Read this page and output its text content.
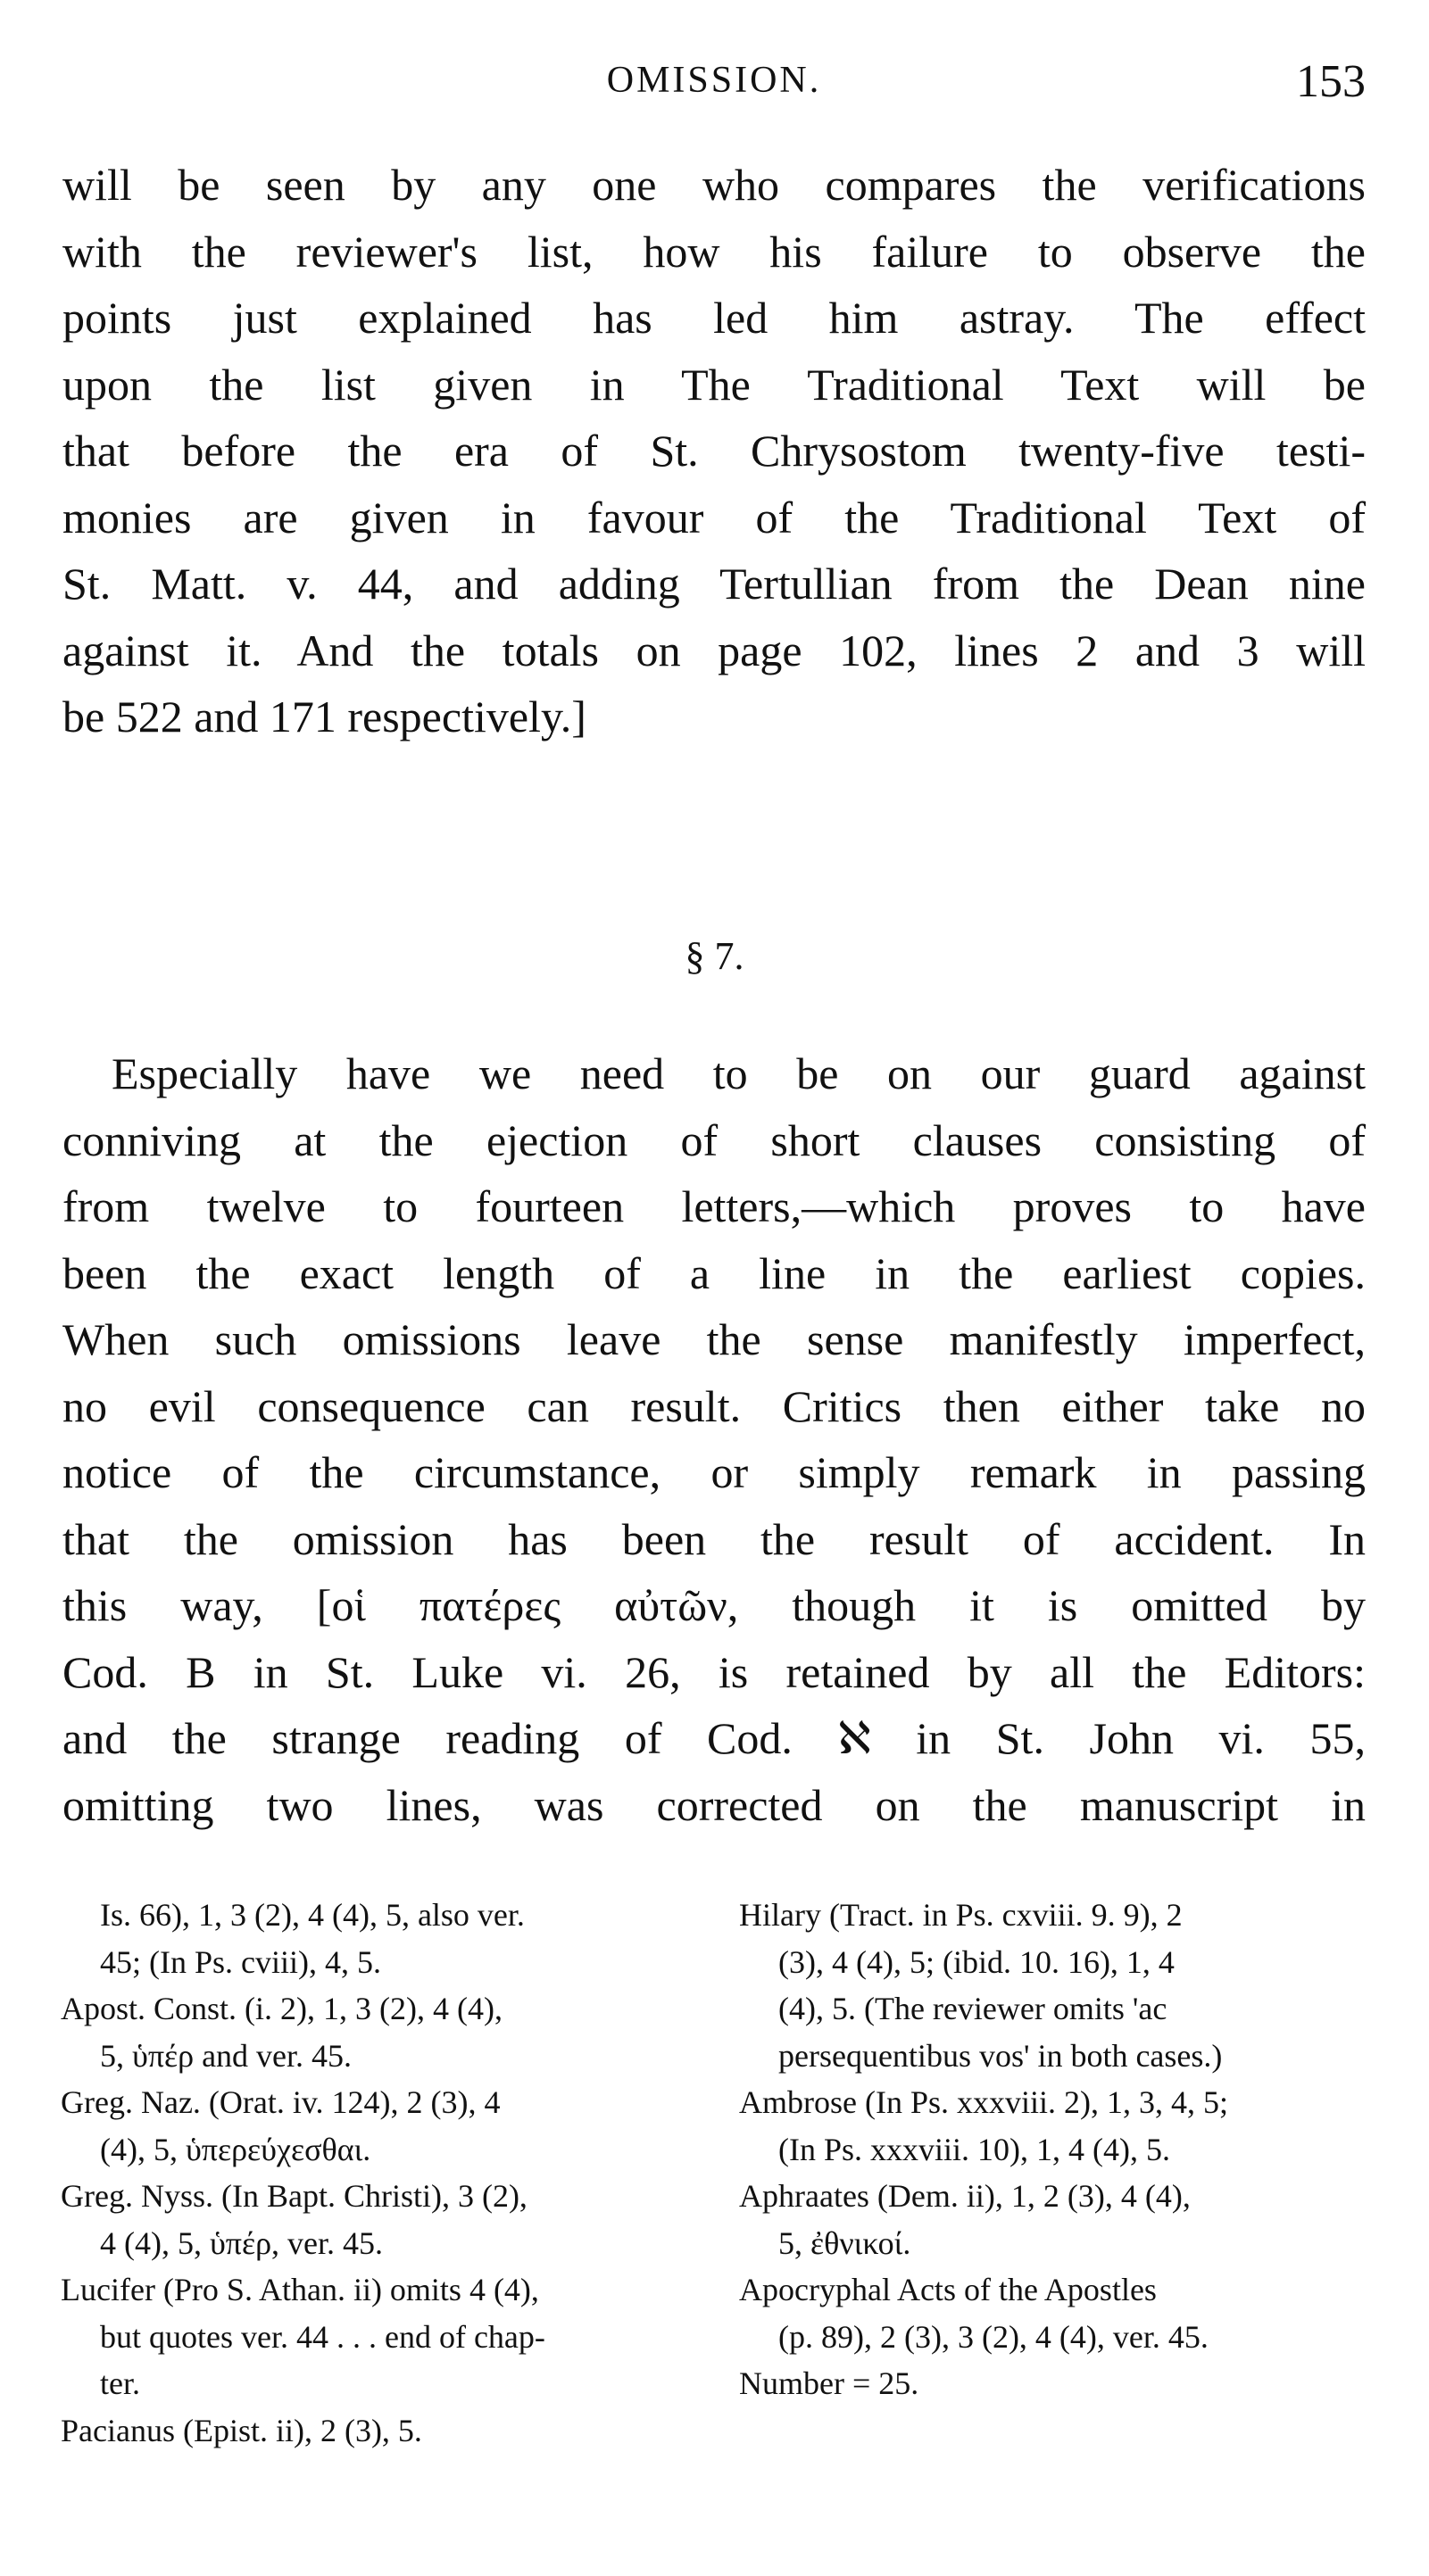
OMISSION.	153
will be seen by any one who compares the verifications
with the reviewer's list, how his failure to observe the
points just explained has led him astray. The effect
upon the list given in The Traditional Text will be
that before the era of St. Chrysostom twenty-five testi-
monies are given in favour of the Traditional Text of
St. Matt. v. 44, and adding Tertullian from the Dean nine
against it. And the totals on page 102, lines 2 and 3 will
be 522 and 171 respectively.]
§ 7.
Especially have we need to be on our guard against
conniving at the ejection of short clauses consisting of
from twelve to fourteen letters,—which proves to have
been the exact length of a line in the earliest copies.
When such omissions leave the sense manifestly imperfect,
no evil consequence can result. Critics then either take no
notice of the circumstance, or simply remark in passing
that the omission has been the result of accident. In
this way, [οἱ πατέρες αὐτῶν, though it is omitted by
Cod. B in St. Luke vi. 26, is retained by all the Editors:
and the strange reading of Cod. ℵ in St. John vi. 55,
omitting two lines, was corrected on the manuscript in
Is. 66), 1, 3 (2), 4 (4), 5, also ver.
45; (In Ps. cviii), 4, 5.
Apost. Const. (i. 2), 1, 3 (2), 4 (4),
5, ὑπέρ and ver. 45.
Greg. Naz. (Orat. iv. 124), 2 (3), 4
(4), 5, ὑπερεύχεσθαι.
Greg. Nyss. (In Bapt. Christi), 3 (2),
4 (4), 5, ὑπέρ, ver. 45.
Lucifer (Pro S. Athan. ii) omits 4 (4),
but quotes ver. 44 . . . end of chap-
ter.
Pacianus (Epist. ii), 2 (3), 5.
Hilary (Tract. in Ps. cxviii. 9. 9), 2
(3), 4 (4), 5; (ibid. 10. 16), 1, 4
(4), 5. (The reviewer omits 'ac
persequentibus vos' in both cases.)
Ambrose (In Ps. xxxviii. 2), 1, 3, 4, 5;
(In Ps. xxxviii. 10), 1, 4 (4), 5.
Aphraates (Dem. ii), 1, 2 (3), 4 (4),
5, ἐθνικοί.
Apocryphal Acts of the Apostles
(p. 89), 2 (3), 3 (2), 4 (4), ver. 45.
Number = 25.
